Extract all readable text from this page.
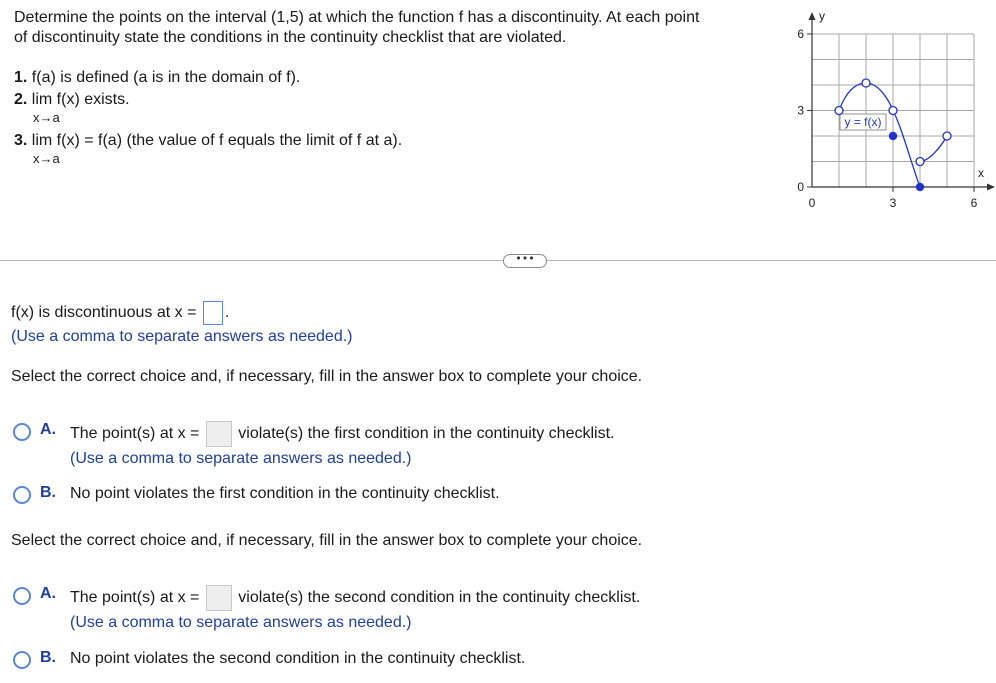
Determine the points on the interval (1,5) at which the function f has a discontinuity. At each point
of discontinuity state the conditions in the continuity checklist that are violated.
1. f(a) is defined (a is in the domain of f).
2. lim f(x) exists.
x→a
3. lim f(x) = f(a) (the value of f equals the limit of f at a).
x→a
y
x
6
3
0
0	3	6
y = f(x)
•••
f(x) is discontinuous at x = .
(Use a comma to separate answers as needed.)
Select the correct choice and, if necessary, fill in the answer box to complete your choice.
A. The point(s) at x = violate(s) the first condition in the continuity checklist.
(Use a comma to separate answers as needed.)
B. No point violates the first condition in the continuity checklist.
Select the correct choice and, if necessary, fill in the answer box to complete your choice.
A. The point(s) at x = violate(s) the second condition in the continuity checklist.
(Use a comma to separate answers as needed.)
B. No point violates the second condition in the continuity checklist.
